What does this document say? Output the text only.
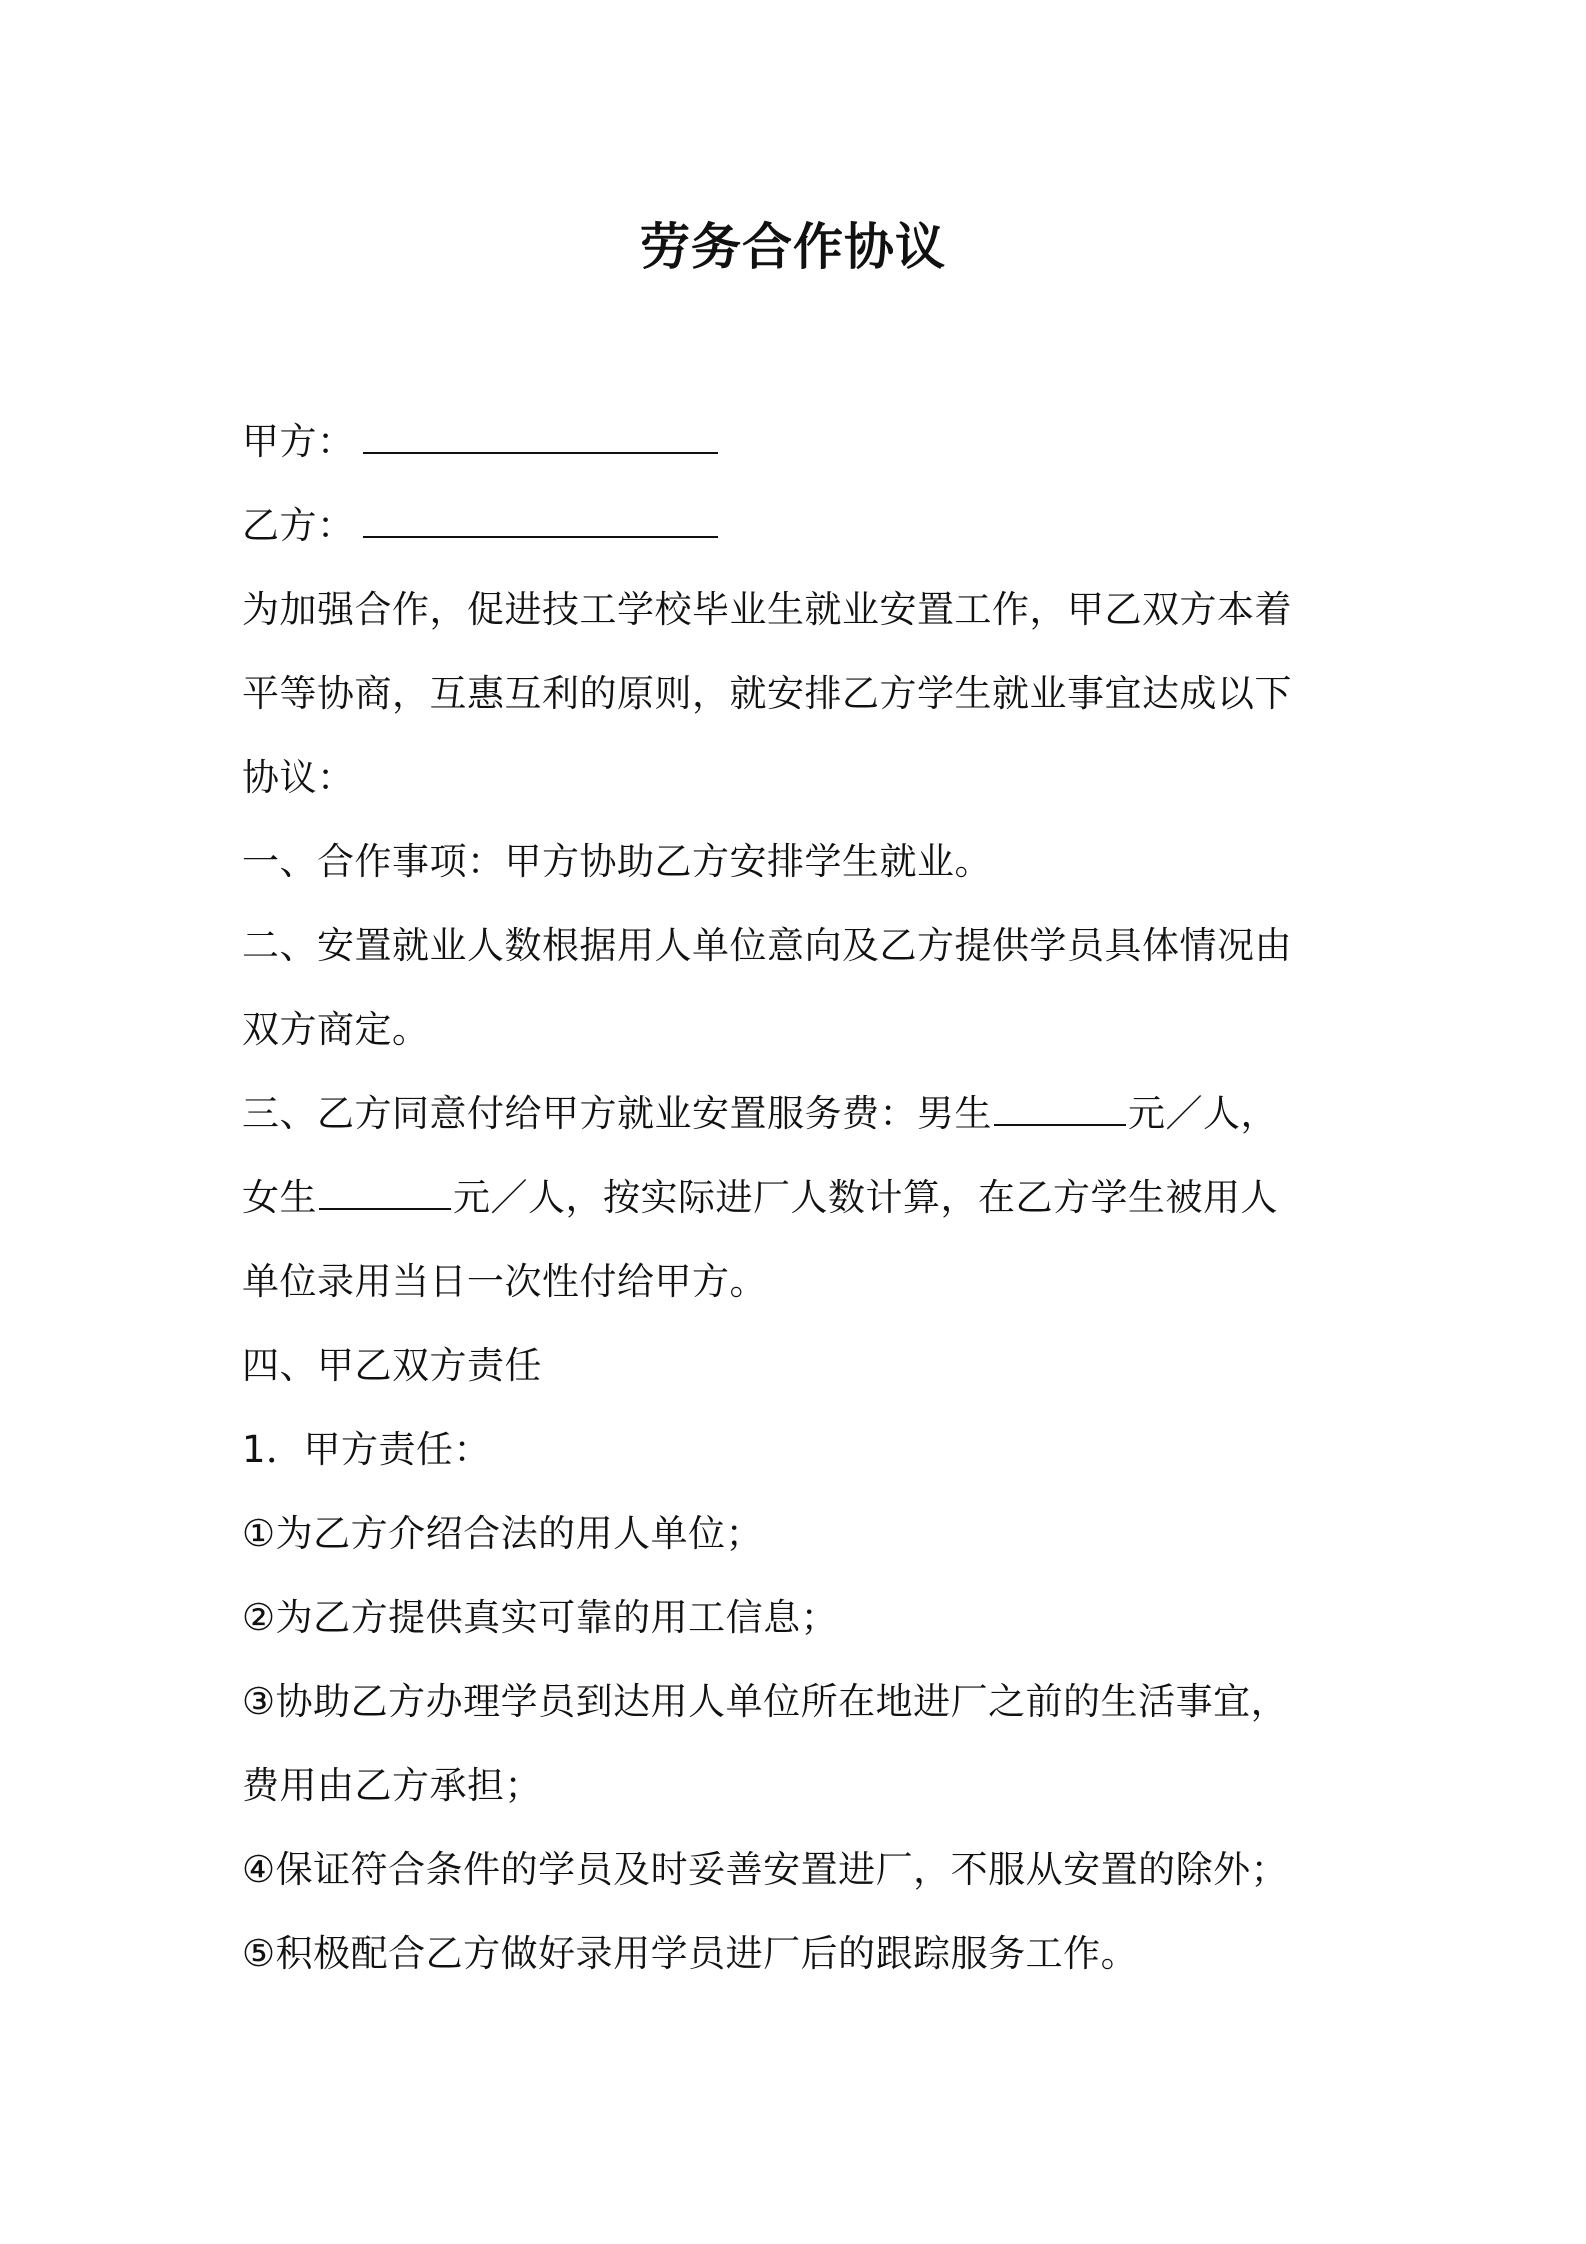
劳务合作协议
甲方：
乙方：
为加强合作，促进技工学校毕业生就业安置工作，甲乙双方本着
平等协商，互惠互利的原则，就安排乙方学生就业事宜达成以下
协议：
一、合作事项：甲方协助乙方安排学生就业。
二、安置就业人数根据用人单位意向及乙方提供学员具体情况由
双方商定。
三、乙方同意付给甲方就业安置服务费：男生	元／人，
女生	元／人，按实际进厂人数计算，在乙方学生被用人
单位录用当日一次性付给甲方。
四、甲乙双方责任
1．甲方责任：
①为乙方介绍合法的用人单位；
②为乙方提供真实可靠的用工信息；
③协助乙方办理学员到达用人单位所在地进厂之前的生活事宜，
费用由乙方承担；
④保证符合条件的学员及时妥善安置进厂，不服从安置的除外；
⑤积极配合乙方做好录用学员进厂后的跟踪服务工作。
